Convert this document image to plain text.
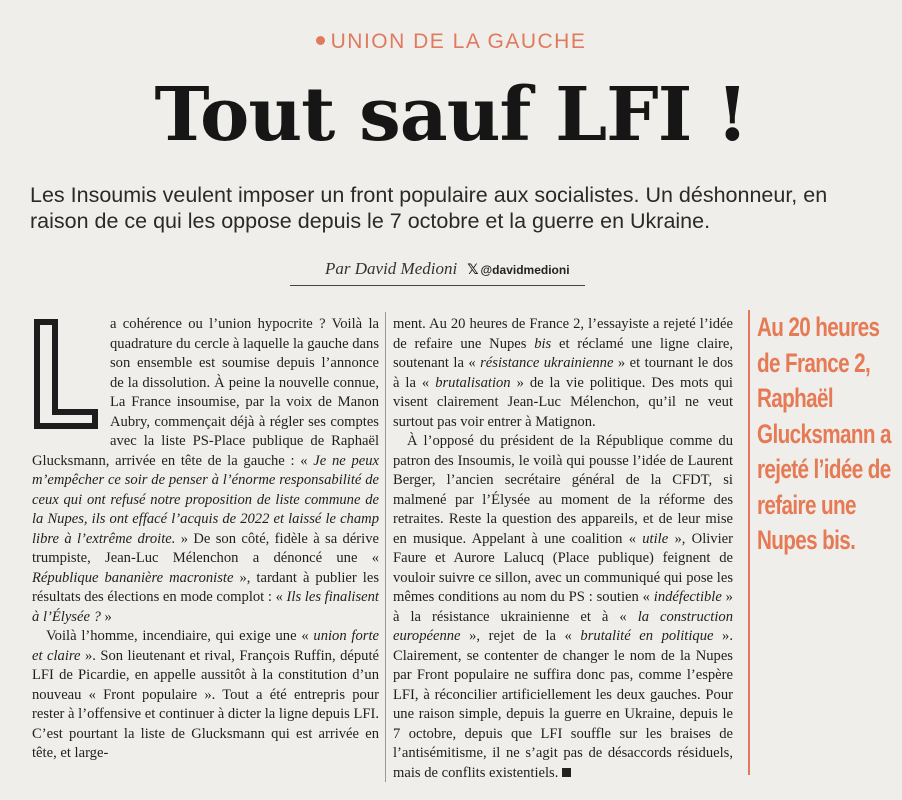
UNION DE LA GAUCHE
Tout sauf LFI !
Les Insoumis veulent imposer un front populaire aux socialistes. Un déshonneur, en raison de ce qui les oppose depuis le 7 octobre et la guerre en Ukraine.
Par David Medioni 𝕏 @davidmedioni

a cohérence ou l’union hypocrite ? Voilà la quadrature du cercle à laquelle la gauche dans son ensemble est soumise depuis l’annonce de la dissolution. À peine la nouvelle connue, La France insoumise, par la voix de Manon Aubry, commençait déjà à régler ses comptes avec la liste PS-Place publique de Raphaël Glucksmann, arrivée en tête de la gauche : « Je ne peux m’empêcher ce soir de penser à l’énorme responsabilité de ceux qui ont refusé notre proposition de liste commune de la Nupes, ils ont effacé l’acquis de 2022 et laissé le champ libre à l’extrême droite. » De son côté, fidèle à sa dérive trumpiste, Jean-Luc Mélenchon a dénoncé une « République bananière macroniste », tardant à publier les résultats des élections en mode complot : « Ils les finalisent à l’Élysée ? »

Voilà l’homme, incendiaire, qui exige une « union forte et claire ». Son lieutenant et rival, François Ruffin, député LFI de Picardie, en appelle aussitôt à la constitution d’un nouveau « Front populaire ». Tout a été entrepris pour rester à l’offensive et continuer à dicter la ligne depuis LFI. C’est pourtant la liste de Glucksmann qui est arrivée en tête, et large-

ment. Au 20 heures de France 2, l’essayiste a rejeté l’idée de refaire une Nupes bis et réclamé une ligne claire, soutenant la « résistance ukrainienne » et tournant le dos à la « brutalisation » de la vie politique. Des mots qui visent clairement Jean-Luc Mélenchon, qu’il ne veut surtout pas voir entrer à Matignon.

À l’opposé du président de la République comme du patron des Insoumis, le voilà qui pousse l’idée de Laurent Berger, l’ancien secrétaire général de la CFDT, si malmené par l’Élysée au moment de la réforme des retraites. Reste la question des appareils, et de leur mise en musique. Appelant à une coalition « utile », Olivier Faure et Aurore Lalucq (Place publique) feignent de vouloir suivre ce sillon, avec un communiqué qui pose les mêmes conditions au nom du PS : soutien « indéfectible » à la résistance ukrainienne et à « la construction européenne », rejet de la « brutalité en politique ». Clairement, se contenter de changer le nom de la Nupes par Front populaire ne suffira donc pas, comme l’espère LFI, à réconcilier artificiellement les deux gauches. Pour une raison simple, depuis la guerre en Ukraine, depuis le 7 octobre, depuis que LFI souffle sur les braises de l’antisémitisme, il ne s’agit pas de désaccords résiduels, mais de conflits existentiels.

Au 20 heures de France 2, Raphaël Glucksmann a rejeté l’idée de refaire une Nupes bis.
